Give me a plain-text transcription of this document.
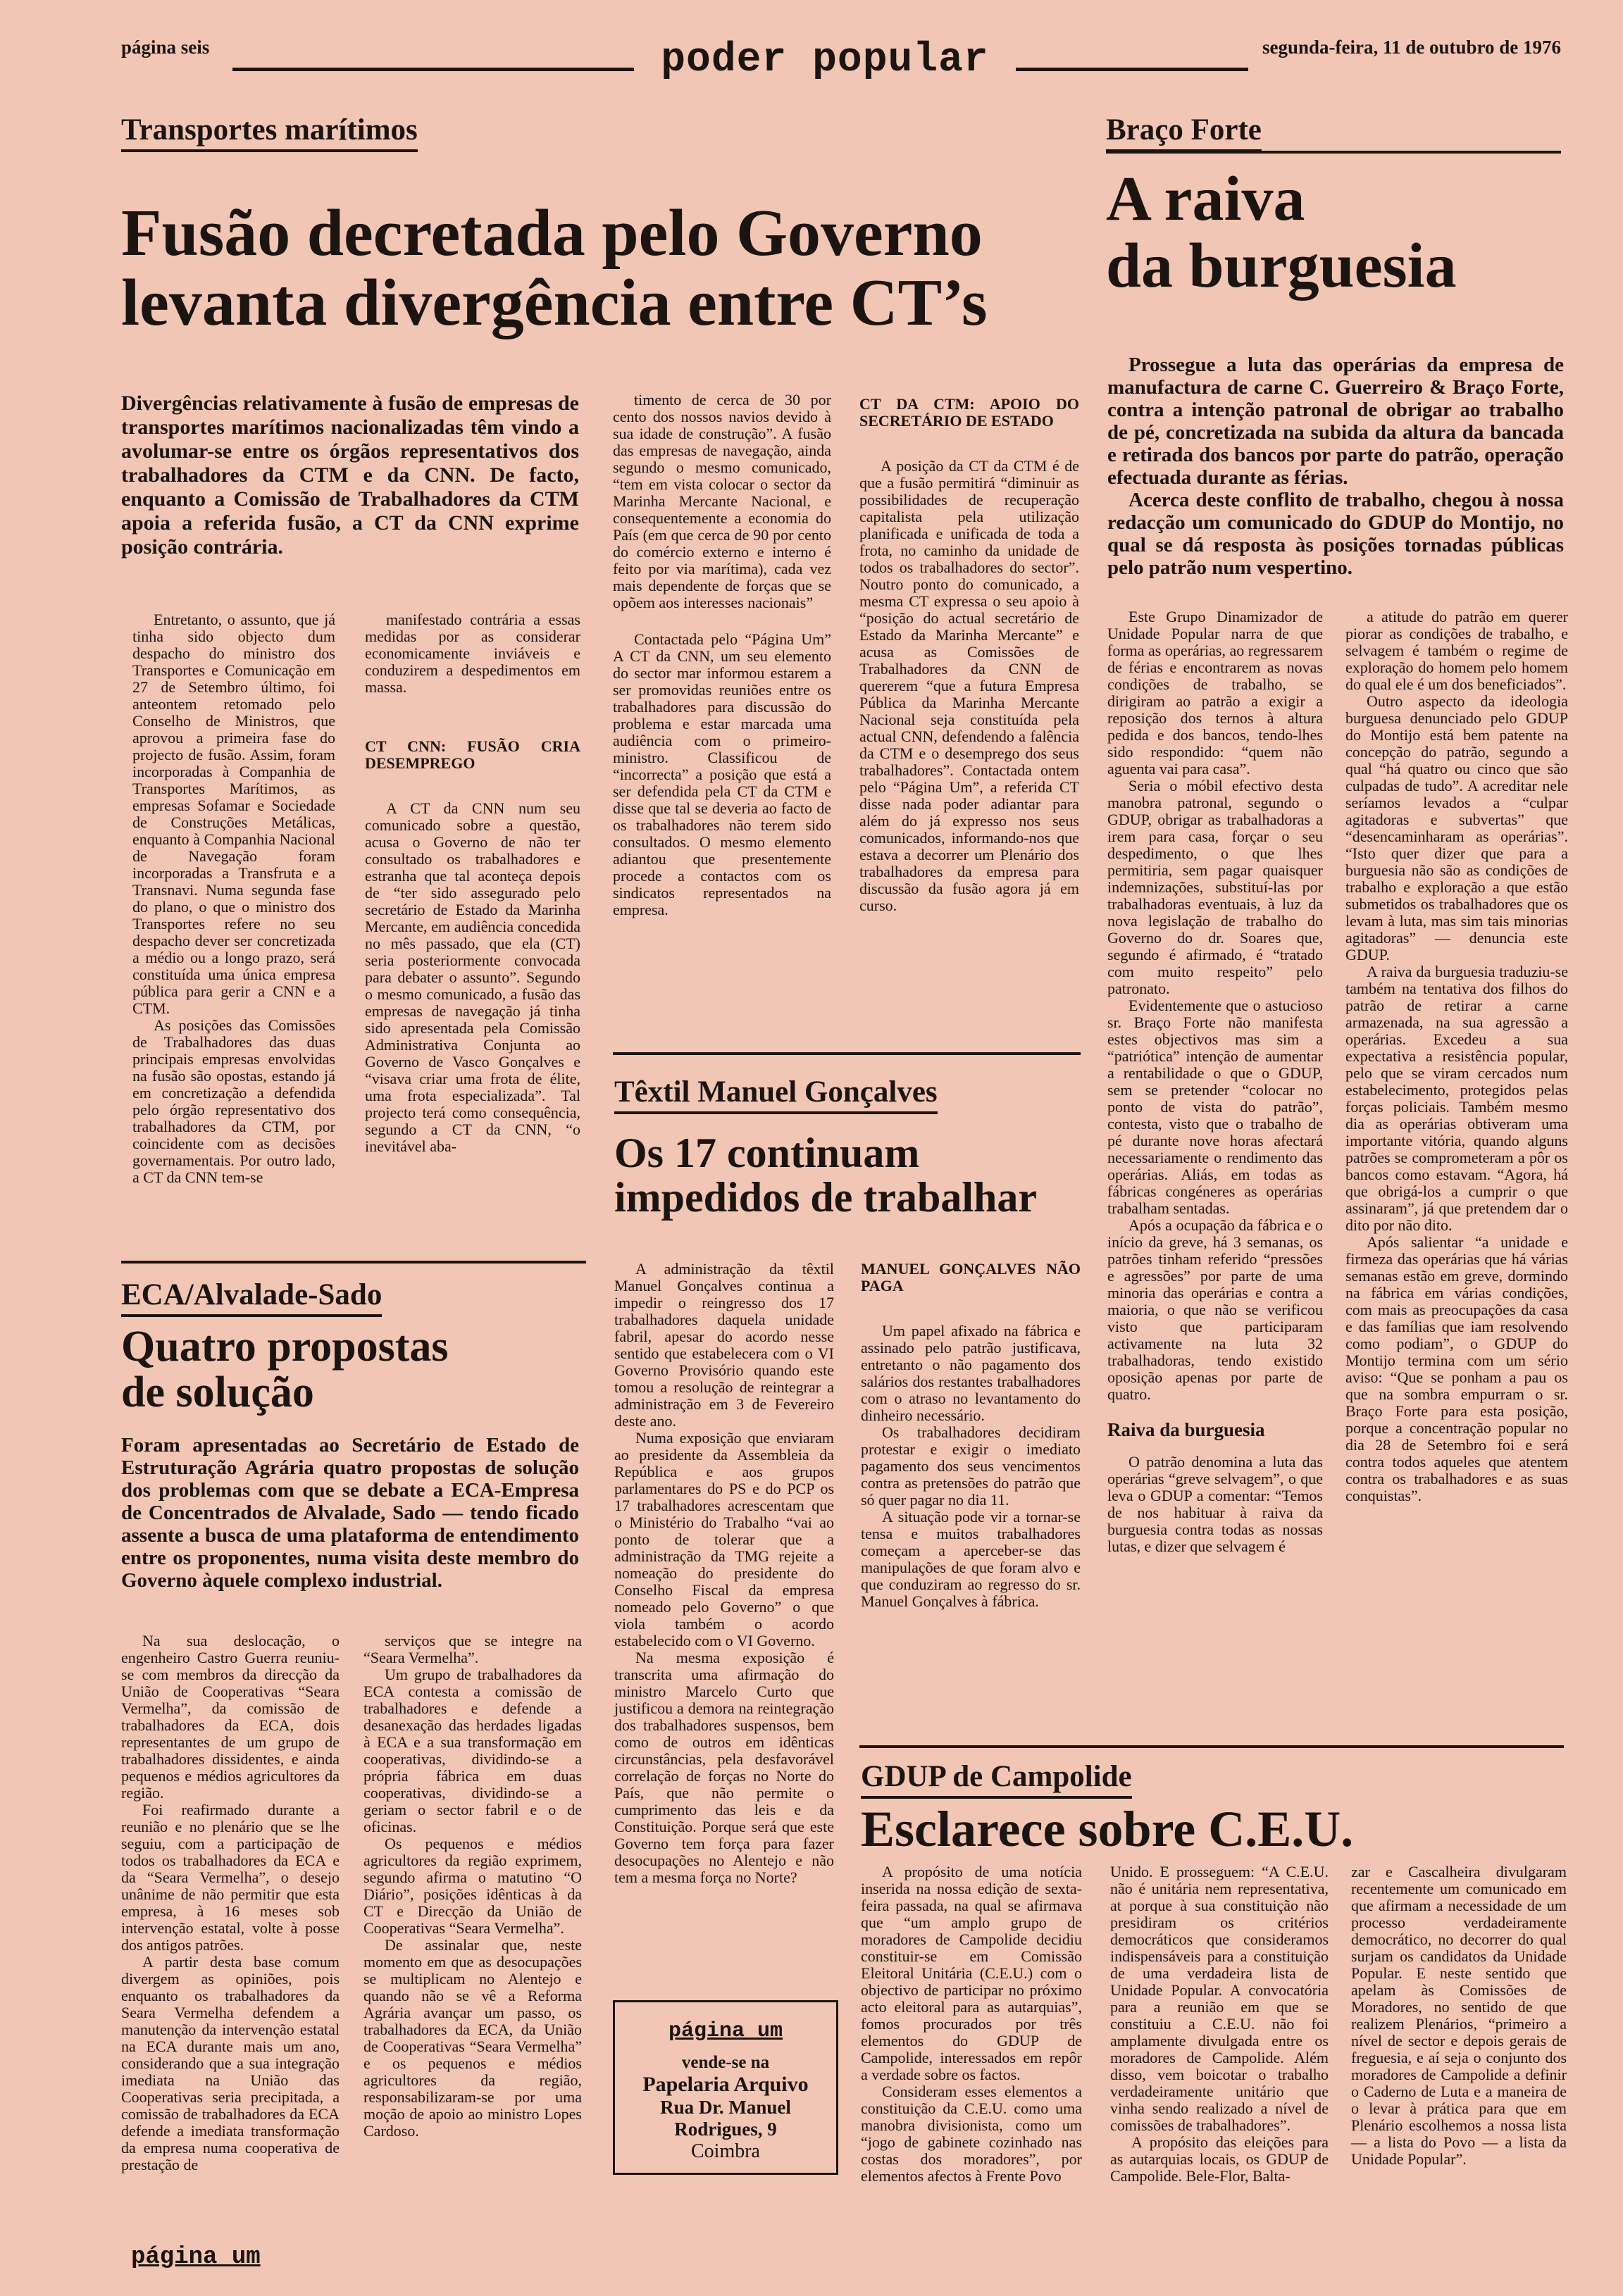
página seis	poder popular	segunda-feira, 11 de outubro de 1976
Transportes marítimos
Fusão decretada pelo Governo
levanta divergência entre CT’s
Divergências relativamente à fusão de empresas de transportes marítimos nacionalizadas têm vindo a avolumar-se entre os órgãos representativos dos trabalhadores da CTM e da CNN. De facto, enquanto a Comissão de Trabalhadores da CTM apoia a referida fusão, a CT da CNN exprime posição contrária.

Entretanto, o assunto, que já tinha sido objecto dum despacho do ministro dos Transportes e Comunicação em 27 de Setembro último, foi anteontem retomado pelo Conselho de Ministros, que aprovou a primeira fase do projecto de fusão. Assim, foram incorporadas à Companhia de Transportes Marítimos, as empresas Sofamar e Sociedade de Construções Metálicas, enquanto à Companhia Nacional de Navegação foram incorporadas a Transfruta e a Transnavi. Numa segunda fase do plano, o que o ministro dos Transportes refere no seu despacho dever ser concretizada a médio ou a longo prazo, será constituída uma única empresa pública para gerir a CNN e a CTM.

As posições das Comissões de Trabalhadores das duas principais empresas envolvidas na fusão são opostas, estando já em concretização a defendida pelo órgão representativo dos trabalhadores da CTM, por coincidente com as decisões governamentais. Por outro lado, a CT da CNN tem-se

manifestado contrária a essas medidas por as considerar economicamente inviáveis e conduzirem a despedimentos em massa.

CT CNN: FUSÃO CRIA DESEMPREGO

A CT da CNN num seu comunicado sobre a questão, acusa o Governo de não ter consultado os trabalhadores e estranha que tal aconteça depois de “ter sido assegurado pelo secretário de Estado da Marinha Mercante, em audiência concedida no mês passado, que ela (CT) seria posteriormente convocada para debater o assunto”. Segundo o mesmo comunicado, a fusão das empresas de navegação já tinha sido apresentada pela Comissão Administrativa Conjunta ao Governo de Vasco Gonçalves e “visava criar uma frota de élite, uma frota especializada”. Tal projecto terá como consequência, segundo a CT da CNN, “o inevitável aba-

timento de cerca de 30 por cento dos nossos navios devido à sua idade de construção”. A fusão das empresas de navegação, ainda segundo o mesmo comunicado, “tem em vista colocar o sector da Marinha Mercante Nacional, e consequentemente a economia do País (em que cerca de 90 por cento do comércio externo e interno é feito por via marítima), cada vez mais dependente de forças que se opõem aos interesses nacionais”

Contactada pelo “Página Um” A CT da CNN, um seu elemento do sector mar informou estarem a ser promovidas reuniões entre os trabalhadores para discussão do problema e estar marcada uma audiência com o primeiro-ministro. Classificou de “incorrecta” a posição que está a ser defendida pela CT da CTM e disse que tal se deveria ao facto de os trabalhadores não terem sido consultados. O mesmo elemento adiantou que presentemente procede a contactos com os sindicatos representados na empresa.

CT DA CTM: APOIO DO SECRETÁRIO DE ESTADO

A posição da CT da CTM é de que a fusão permitirá “diminuir as possibilidades de recuperação capitalista pela utilização planificada e unificada de toda a frota, no caminho da unidade de todos os trabalhadores do sector”. Noutro ponto do comunicado, a mesma CT expressa o seu apoio à “posição do actual secretário de Estado da Marinha Mercante” e acusa as Comissões de Trabalhadores da CNN de quererem “que a futura Empresa Pública da Marinha Mercante Nacional seja constituída pela actual CNN, defendendo a falência da CTM e o desemprego dos seus trabalhadores”. Contactada ontem pelo “Página Um”, a referida CT disse nada poder adiantar para além do já expresso nos seus comunicados, informando-nos que estava a decorrer um Plenário dos trabalhadores da empresa para discussão da fusão agora já em curso.

Braço Forte
A raiva
da burguesia

Prossegue a luta das operárias da empresa de manufactura de carne C. Guerreiro & Braço Forte, contra a intenção patronal de obrigar ao trabalho de pé, concretizada na subida da altura da bancada e retirada dos bancos por parte do patrão, operação efectuada durante as férias.

Acerca deste conflito de trabalho, chegou à nossa redacção um comunicado do GDUP do Montijo, no qual se dá resposta às posições tornadas públicas pelo patrão num vespertino.

Este Grupo Dinamizador de Unidade Popular narra de que forma as operárias, ao regressarem de férias e encontrarem as novas condições de trabalho, se dirigiram ao patrão a exigir a reposição dos ternos à altura pedida e dos bancos, tendo-lhes sido respondido: “quem não aguenta vai para casa”.

Seria o móbil efectivo desta manobra patronal, segundo o GDUP, obrigar as trabalhadoras a irem para casa, forçar o seu despedimento, o que lhes permitiria, sem pagar quaisquer indemnizações, substituí-las por trabalhadoras eventuais, à luz da nova legislação de trabalho do Governo do dr. Soares que, segundo é afirmado, é “tratado com muito respeito” pelo patronato.

Evidentemente que o astucioso sr. Braço Forte não manifesta estes objectivos mas sim a “patriótica” intenção de aumentar a rentabilidade o que o GDUP, sem se pretender “colocar no ponto de vista do patrão”, contesta, visto que o trabalho de pé durante nove horas afectará necessariamente o rendimento das operárias. Aliás, em todas as fábricas congéneres as operárias trabalham sentadas.

Após a ocupação da fábrica e o início da greve, há 3 semanas, os patrões tinham referido “pressões e agressões” por parte de uma minoria das operárias e contra a maioria, o que não se verificou visto que participaram activamente na luta 32 trabalhadoras, tendo existido oposição apenas por parte de quatro.

Raiva da burguesia

O patrão denomina a luta das operárias “greve selvagem”, o que leva o GDUP a comentar: “Temos de nos habituar à raiva da burguesia contra todas as nossas lutas, e dizer que selvagem é

a atitude do patrão em querer piorar as condições de trabalho, e selvagem é também o regime de exploração do homem pelo homem do qual ele é um dos beneficiados”.

Outro aspecto da ideologia burguesa denunciado pelo GDUP do Montijo está bem patente na concepção do patrão, segundo a qual “há quatro ou cinco que são culpadas de tudo”. A acreditar nele seríamos levados a “culpar agitadoras e subvertas” que “desencaminharam as operárias”. “Isto quer dizer que para a burguesia não são as condições de trabalho e exploração a que estão submetidos os trabalhadores que os levam à luta, mas sim tais minorias agitadoras” — denuncia este GDUP.

A raiva da burguesia traduziu-se também na tentativa dos filhos do patrão de retirar a carne armazenada, na sua agressão a operárias. Excedeu a sua expectativa a resistência popular, pelo que se viram cercados num estabelecimento, protegidos pelas forças policiais. Também mesmo dia as operárias obtiveram uma importante vitória, quando alguns patrões se comprometeram a pôr os bancos como estavam. “Agora, há que obrigá-los a cumprir o que assinaram”, já que pretendem dar o dito por não dito.

Após salientar “a unidade e firmeza das operárias que há várias semanas estão em greve, dormindo na fábrica em várias condições, com mais as preocupações da casa e das famílias que iam resolvendo como podiam”, o GDUP do Montijo termina com um sério aviso: “Que se ponham a pau os que na sombra empurram o sr. Braço Forte para esta posição, porque a concentração popular no dia 28 de Setembro foi e será contra todos aqueles que atentem contra os trabalhadores e as suas conquistas”.

ECA/Alvalade-Sado
Quatro propostas
de solução
Foram apresentadas ao Secretário de Estado de Estruturação Agrária quatro propostas de solução dos problemas com que se debate a ECA-Empresa de Concentrados de Alvalade, Sado — tendo ficado assente a busca de uma plataforma de entendimento entre os proponentes, numa visita deste membro do Governo àquele complexo industrial.

Na sua deslocação, o engenheiro Castro Guerra reuniu-se com membros da direcção da União de Cooperativas “Seara Vermelha”, da comissão de trabalhadores da ECA, dois representantes de um grupo de trabalhadores dissidentes, e ainda pequenos e médios agricultores da região.

Foi reafirmado durante a reunião e no plenário que se lhe seguiu, com a participação de todos os trabalhadores da ECA e da “Seara Vermelha”, o desejo unânime de não permitir que esta empresa, à 16 meses sob intervenção estatal, volte à posse dos antigos patrões.

A partir desta base comum divergem as opiniões, pois enquanto os trabalhadores da Seara Vermelha defendem a manutenção da intervenção estatal na ECA durante mais um ano, considerando que a sua integração imediata na União das Cooperativas seria precipitada, a comissão de trabalhadores da ECA defende a imediata transformação da empresa numa cooperativa de prestação de

serviços que se integre na “Seara Vermelha”.

Um grupo de trabalhadores da ECA contesta a comissão de trabalhadores e defende a desanexação das herdades ligadas à ECA e a sua transformação em cooperativas, dividindo-se a própria fábrica em duas cooperativas, dividindo-se a geriam o sector fabril e o de oficinas.

Os pequenos e médios agricultores da região exprimem, segundo afirma o matutino “O Diário”, posições idênticas à da CT e Direcção da União de Cooperativas “Seara Vermelha”.

De assinalar que, neste momento em que as desocupações se multiplicam no Alentejo e quando não se vê a Reforma Agrária avançar um passo, os trabalhadores da ECA, da União de Cooperativas “Seara Vermelha” e os pequenos e médios agricultores da região, responsabilizaram-se por uma moção de apoio ao ministro Lopes Cardoso.

Têxtil Manuel Gonçalves
Os 17 continuam
impedidos de trabalhar

A administração da têxtil Manuel Gonçalves continua a impedir o reingresso dos 17 trabalhadores daquela unidade fabril, apesar do acordo nesse sentido que estabelecera com o VI Governo Provisório quando este tomou a resolução de reintegrar a administração em 3 de Fevereiro deste ano.

Numa exposição que enviaram ao presidente da Assembleia da República e aos grupos parlamentares do PS e do PCP os 17 trabalhadores acrescentam que o Ministério do Trabalho “vai ao ponto de tolerar que a administração da TMG rejeite a nomeação do presidente do Conselho Fiscal da empresa nomeado pelo Governo” o que viola também o acordo estabelecido com o VI Governo.

Na mesma exposição é transcrita uma afirmação do ministro Marcelo Curto que justificou a demora na reintegração dos trabalhadores suspensos, bem como de outros em idênticas circunstâncias, pela desfavorável correlação de forças no Norte do País, que não permite o cumprimento das leis e da Constituição. Porque será que este Governo tem força para fazer desocupações no Alentejo e não tem a mesma força no Norte?

MANUEL GONÇALVES NÃO PAGA

Um papel afixado na fábrica e assinado pelo patrão justificava, entretanto o não pagamento dos salários dos restantes trabalhadores com o atraso no levantamento do dinheiro necessário.

Os trabalhadores decidiram protestar e exigir o imediato pagamento dos seus vencimentos contra as pretensões do patrão que só quer pagar no dia 11.

A situação pode vir a tornar-se tensa e muitos trabalhadores começam a aperceber-se das manipulações de que foram alvo e que conduziram ao regresso do sr. Manuel Gonçalves à fábrica.

página um
vende-se na
Papelaria Arquivo
Rua Dr. Manuel
Rodrigues, 9
Coimbra
GDUP de Campolide
Esclarece sobre C.E.U.

A propósito de uma notícia inserida na nossa edição de sexta-feira passada, na qual se afirmava que “um amplo grupo de moradores de Campolide decidiu constituir-se em Comissão Eleitoral Unitária (C.E.U.) com o objectivo de participar no próximo acto eleitoral para as autarquias”, fomos procurados por três elementos do GDUP de Campolide, interessados em repôr a verdade sobre os factos.

Consideram esses elementos a constituição da C.E.U. como uma manobra divisionista, como um “jogo de gabinete cozinhado nas costas dos moradores”, por elementos afectos à Frente Povo

Unido. E prosseguem: “A C.E.U. não é unitária nem representativa, at porque à sua constituição não presidiram os critérios democráticos que consideramos indispensáveis para a constituição de uma verdadeira lista de Unidade Popular. A convocatória para a reunião em que se constituiu a C.E.U. não foi amplamente divulgada entre os moradores de Campolide. Além disso, vem boicotar o trabalho verdadeiramente unitário que vinha sendo realizado a nível de comissões de trabalhadores”.

A propósito das eleições para as autarquias locais, os GDUP de Campolide. Bele-Flor, Balta-

zar e Cascalheira divulgaram recentemente um comunicado em que afirmam a necessidade de um processo verdadeiramente democrático, no decorrer do qual surjam os candidatos da Unidade Popular. E neste sentido que apelam às Comissões de Moradores, no sentido de que realizem Plenários, “primeiro a nível de sector e depois gerais de freguesia, e aí seja o conjunto dos moradores de Campolide a definir o Caderno de Luta e a maneira de o levar à prática para que em Plenário escolhemos a nossa lista — a lista do Povo — a lista da Unidade Popular”.

página um
